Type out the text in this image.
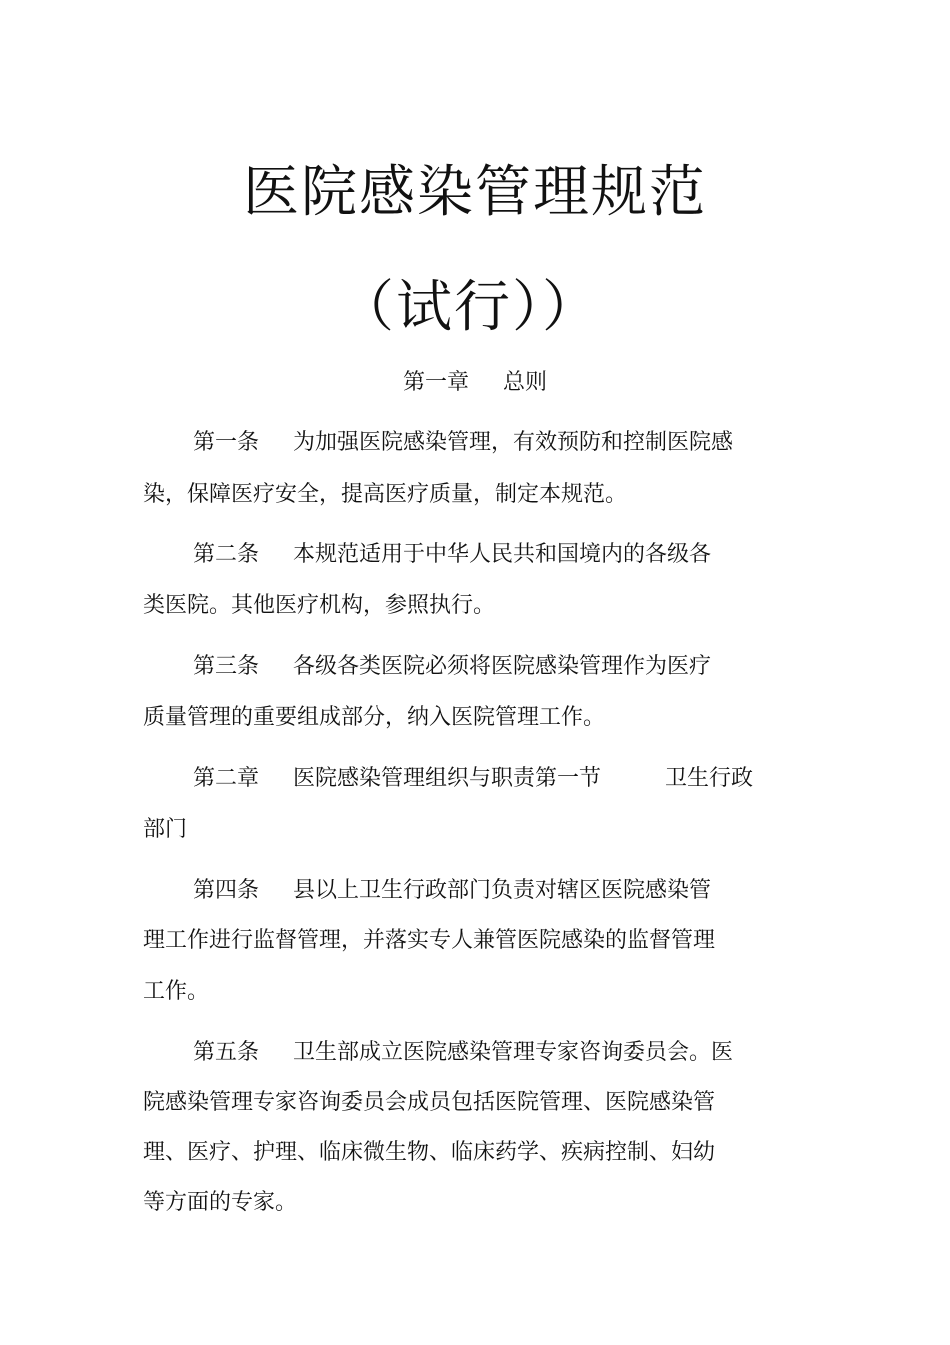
医院感染管理规范
（试行））
第一章 总则
第一条 为加强医院感染管理，有效预防和控制医院感
染，保障医疗安全，提高医疗质量，制定本规范。
第二条 本规范适用于中华人民共和国境内的各级各
类医院。其他医疗机构，参照执行。
第三条 各级各类医院必须将医院感染管理作为医疗
质量管理的重要组成部分，纳入医院管理工作。
第二章 医院感染管理组织与职责第一节	卫生行政
部门
第四条 县以上卫生行政部门负责对辖区医院感染管
理工作进行监督管理，并落实专人兼管医院感染的监督管理
工作。
第五条 卫生部成立医院感染管理专家咨询委员会。医
院感染管理专家咨询委员会成员包括医院管理、医院感染管
理、医疗、护理、临床微生物、临床药学、疾病控制、妇幼
等方面的专家。
